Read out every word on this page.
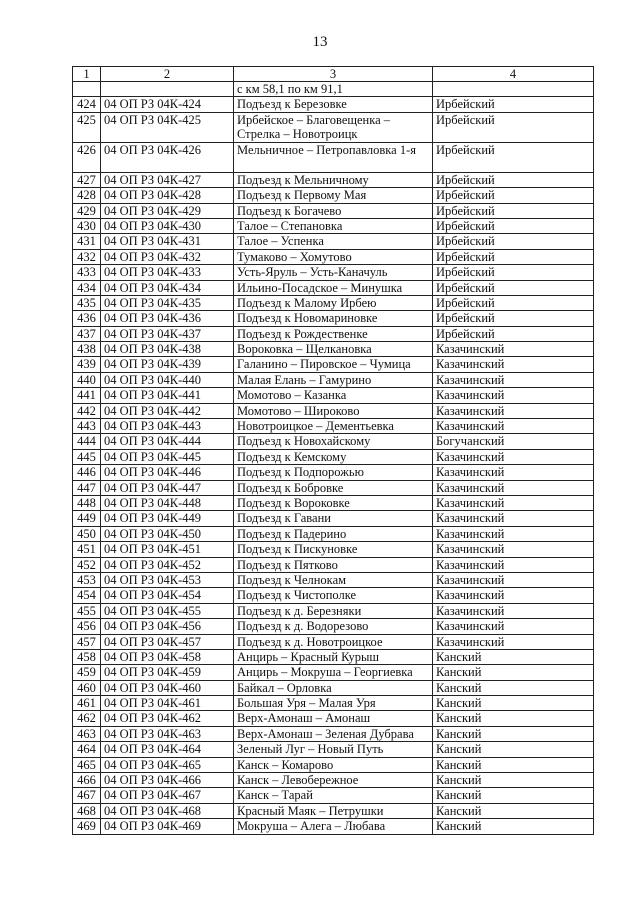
13
1	2	3	4
		с км 58,1 по км 91,1	
424	04 ОП РЗ 04К-424	Подъезд к Березовке	Ирбейский
425	04 ОП РЗ 04К-425	Ирбейское – Благовещенка – Стрелка – Новотроицк	Ирбейский
426	04 ОП РЗ 04К-426	Мельничное – Петропавловка 1-я	Ирбейский
427	04 ОП РЗ 04К-427	Подъезд к Мельничному	Ирбейский
428	04 ОП РЗ 04К-428	Подъезд к Первому Мая	Ирбейский
429	04 ОП РЗ 04К-429	Подъезд к Богачево	Ирбейский
430	04 ОП РЗ 04К-430	Талое – Степановка	Ирбейский
431	04 ОП РЗ 04К-431	Талое – Успенка	Ирбейский
432	04 ОП РЗ 04К-432	Тумаково – Хомутово	Ирбейский
433	04 ОП РЗ 04К-433	Усть-Яруль – Усть-Каначуль	Ирбейский
434	04 ОП РЗ 04К-434	Ильино-Посадское – Минушка	Ирбейский
435	04 ОП РЗ 04К-435	Подъезд к Малому Ирбею	Ирбейский
436	04 ОП РЗ 04К-436	Подъезд к Новомариновке	Ирбейский
437	04 ОП РЗ 04К-437	Подъезд к Рождественке	Ирбейский
438	04 ОП РЗ 04К-438	Вороковка – Щелкановка	Казачинский
439	04 ОП РЗ 04К-439	Галанино – Пировское – Чумица	Казачинский
440	04 ОП РЗ 04К-440	Малая Елань – Гамурино	Казачинский
441	04 ОП РЗ 04К-441	Момотово – Казанка	Казачинский
442	04 ОП РЗ 04К-442	Момотово – Широково	Казачинский
443	04 ОП РЗ 04К-443	Новотроицкое – Дементьевка	Казачинский
444	04 ОП РЗ 04К-444	Подъезд к Новохайскому	Богучанский
445	04 ОП РЗ 04К-445	Подъезд к Кемскому	Казачинский
446	04 ОП РЗ 04К-446	Подъезд к Подпорожью	Казачинский
447	04 ОП РЗ 04К-447	Подъезд к Бобровке	Казачинский
448	04 ОП РЗ 04К-448	Подъезд к Вороковке	Казачинский
449	04 ОП РЗ 04К-449	Подъезд к Гавани	Казачинский
450	04 ОП РЗ 04К-450	Подъезд к Падерино	Казачинский
451	04 ОП РЗ 04К-451	Подъезд к Пискуновке	Казачинский
452	04 ОП РЗ 04К-452	Подъезд к Пятково	Казачинский
453	04 ОП РЗ 04К-453	Подъезд к Челнокам	Казачинский
454	04 ОП РЗ 04К-454	Подъезд к Чистополке	Казачинский
455	04 ОП РЗ 04К-455	Подъезд к д. Березняки	Казачинский
456	04 ОП РЗ 04К-456	Подъезд к д. Водорезово	Казачинский
457	04 ОП РЗ 04К-457	Подъезд к д. Новотроицкое	Казачинский
458	04 ОП РЗ 04К-458	Анцирь – Красный Курыш	Канский
459	04 ОП РЗ 04К-459	Анцирь – Мокруша – Георгиевка	Канский
460	04 ОП РЗ 04К-460	Байкал – Орловка	Канский
461	04 ОП РЗ 04К-461	Большая Уря – Малая Уря	Канский
462	04 ОП РЗ 04К-462	Верх-Амонаш – Амонаш	Канский
463	04 ОП РЗ 04К-463	Верх-Амонаш – Зеленая Дубрава	Канский
464	04 ОП РЗ 04К-464	Зеленый Луг – Новый Путь	Канский
465	04 ОП РЗ 04К-465	Канск – Комарово	Канский
466	04 ОП РЗ 04К-466	Канск – Левобережное	Канский
467	04 ОП РЗ 04К-467	Канск – Тарай	Канский
468	04 ОП РЗ 04К-468	Красный Маяк – Петрушки	Канский
469	04 ОП РЗ 04К-469	Мокруша – Алега – Любава	Канский
